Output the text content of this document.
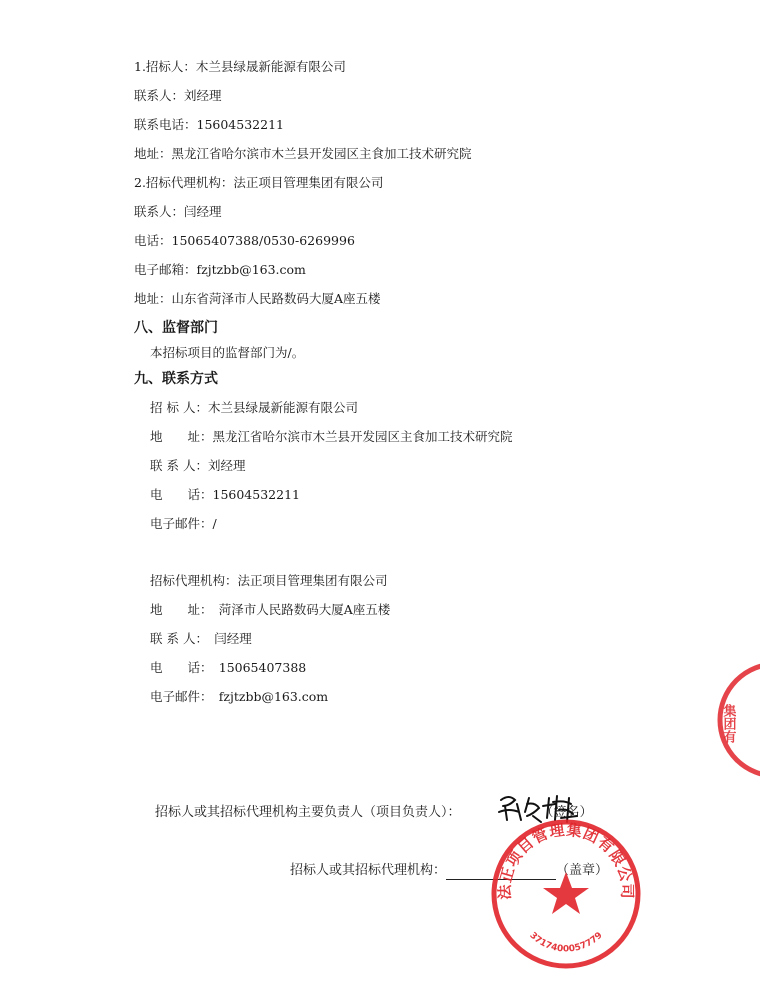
1.招标人：木兰县绿晟新能源有限公司
联系人：刘经理
联系电话：15604532211
地址：黑龙江省哈尔滨市木兰县开发园区主食加工技术研究院
2.招标代理机构：法正项目管理集团有限公司
联系人：闫经理
电话：15065407388/0530-6269996
电子邮箱：fzjtzbb@163.com
地址：山东省菏泽市人民路数码大厦A座五楼
八、监督部门
本招标项目的监督部门为/。
九、联系方式
招 标 人：木兰县绿晟新能源有限公司
地　　址：黑龙江省哈尔滨市木兰县开发园区主食加工技术研究院
联 系 人：刘经理
电　　话：15604532211
电子邮件：/
招标代理机构：法正项目管理集团有限公司
地　　址：　菏泽市人民路数码大厦A座五楼
联 系 人：　闫经理
电　　话：　15065407388
电子邮件：　fzjtzbb@163.com
招标人或其招标代理机构主要负责人（项目负责人）：	（签名）
招标人或其招标代理机构：	（盖章）
法正项目管理集团有限公司
3717400057779
集团有
